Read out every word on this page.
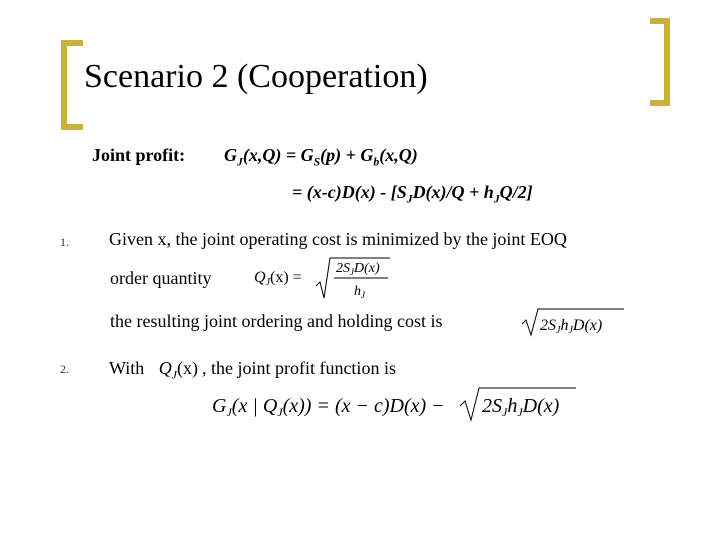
Scenario 2 (Cooperation)
Joint profit: $G_J(x,Q) = G_S(p) + G_b(x,Q)$
= $(x-c)D(x) - [S_JD(x)/Q + h_JQ/2]$
1. Given x, the joint operating cost is minimized by the joint EOQ
order quantity
the resulting joint ordering and holding cost is
QJ(x) =
$2S_JD(x)$
$h_J$
2SJhJD(x)
2. With $Q_J(x)$ , the joint profit function is
$G_J(x$ | $Q_J(x)) = (x - c)D(x) - 2S_Jh_JD(x)$
